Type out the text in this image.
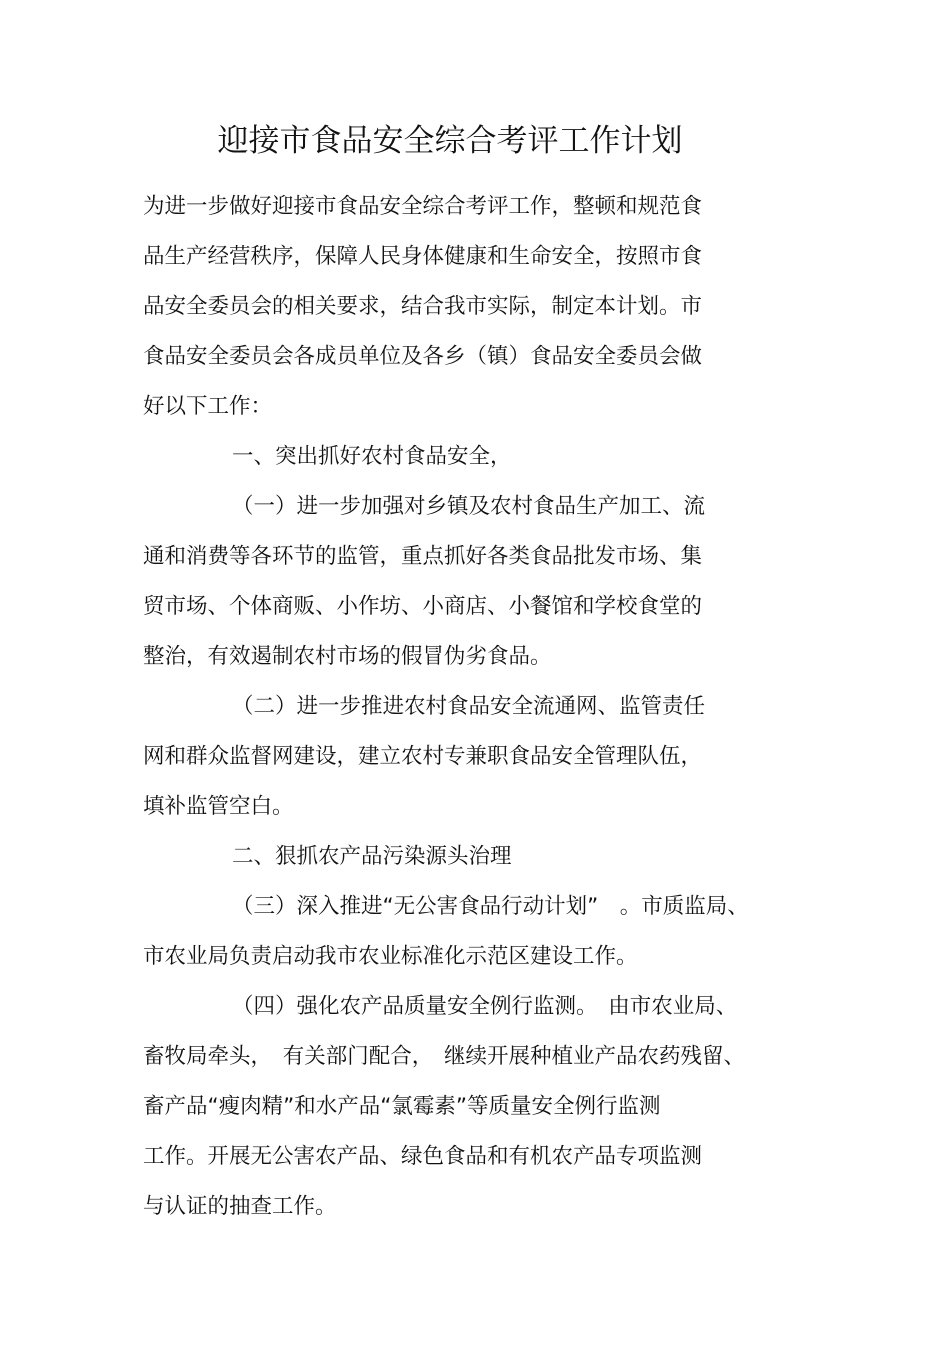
迎接市食品安全综合考评工作计划
为进一步做好迎接市食品安全综合考评工作，整顿和规范食
品生产经营秩序，保障人民身体健康和生命安全，按照市食
品安全委员会的相关要求，结合我市实际，制定本计划。市
食品安全委员会各成员单位及各乡（镇）食品安全委员会做
好以下工作：
一、突出抓好农村食品安全，
（一）进一步加强对乡镇及农村食品生产加工、流
通和消费等各环节的监管，重点抓好各类食品批发市场、集
贸市场、个体商贩、小作坊、小商店、小餐馆和学校食堂的
整治，有效遏制农村市场的假冒伪劣食品。
（二）进一步推进农村食品安全流通网、监管责任
网和群众监督网建设，建立农村专兼职食品安全管理队伍，
填补监管空白。
二、狠抓农产品污染源头治理
（三）深入推进“无公害食品行动计划”　。市质监局、
市农业局负责启动我市农业标准化示范区建设工作。
（四）强化农产品质量安全例行监测。　由市农业局、
畜牧局牵头，　有关部门配合，　继续开展种植业产品农药残留、
畜产品“瘦肉精”和水产品“氯霉素”等质量安全例行监测
工作。开展无公害农产品、绿色食品和有机农产品专项监测
与认证的抽查工作。
